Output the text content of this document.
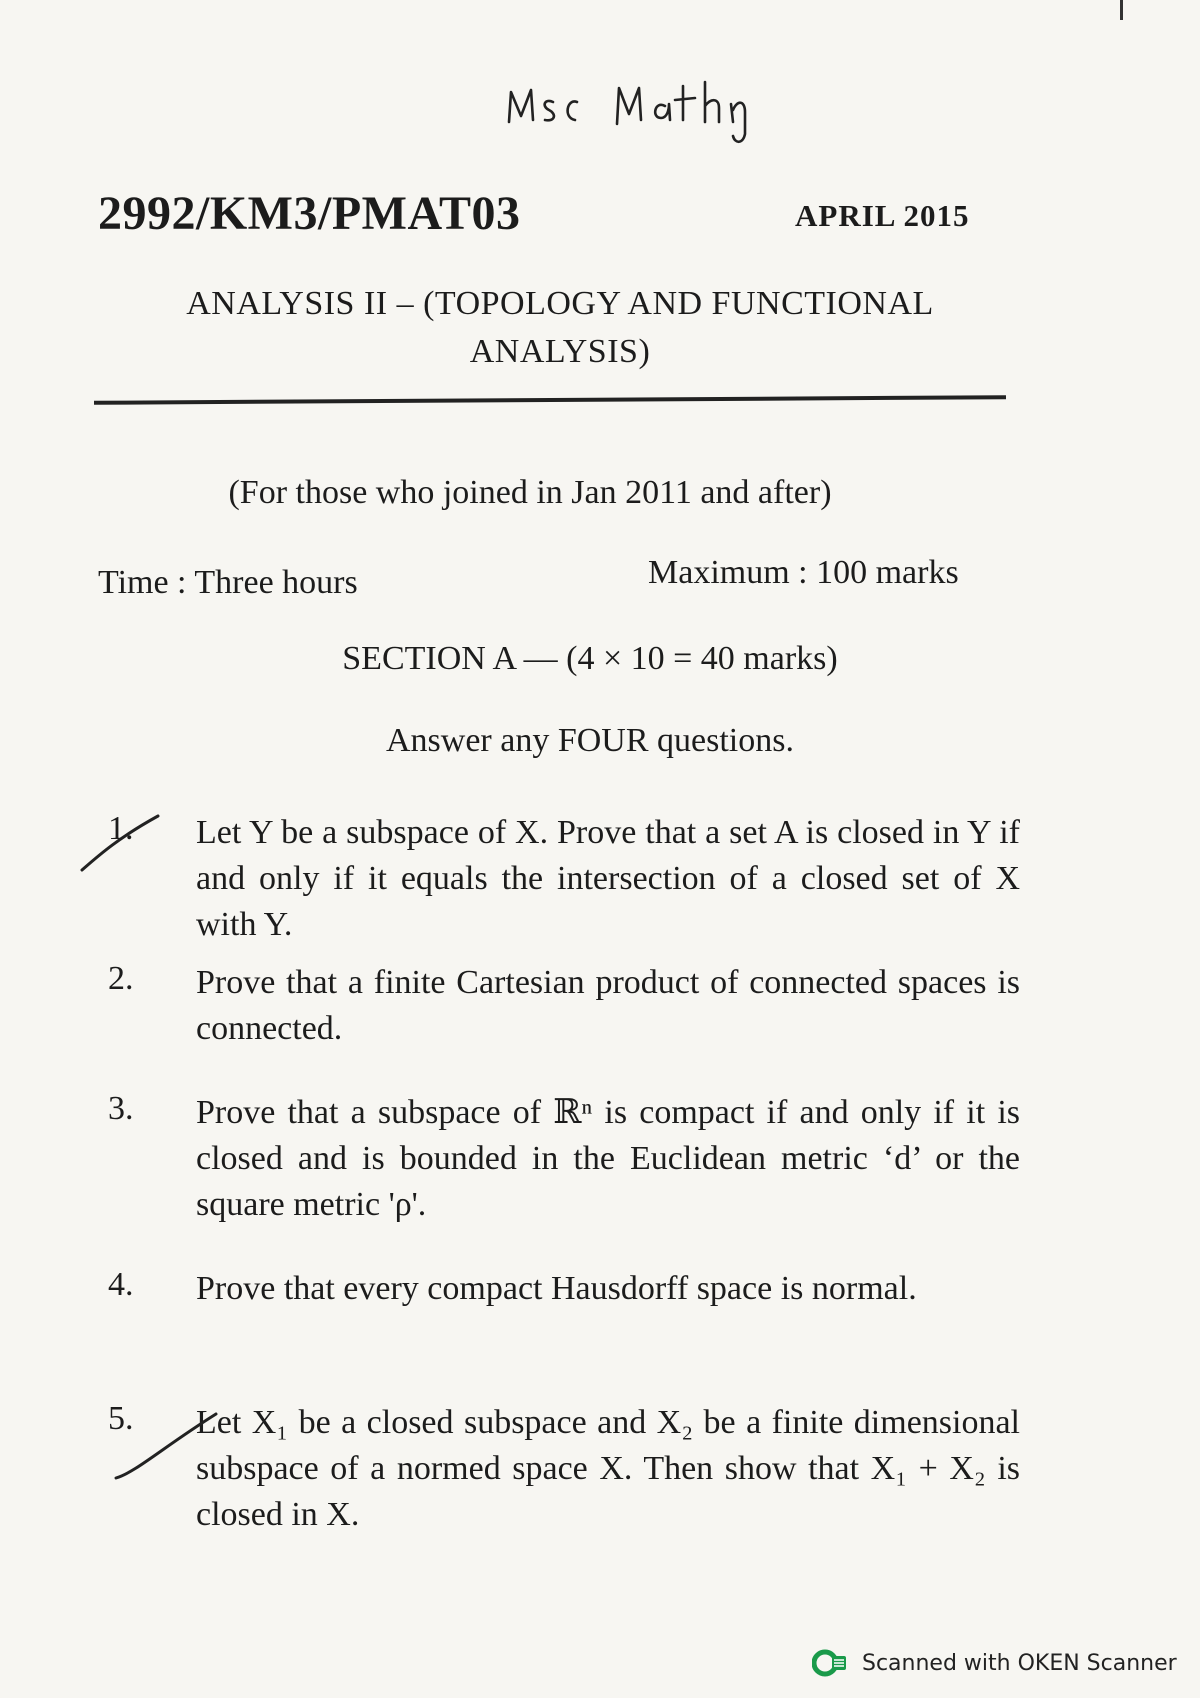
2992/KM3/PMAT03	APRIL 2015
ANALYSIS II – (TOPOLOGY AND FUNCTIONAL ANALYSIS)
(For those who joined in Jan 2011 and after)
Time : Three hours	Maximum : 100 marks
SECTION A — (4 × 10 = 40 marks)
Answer any FOUR questions.
1.	Let Y be a subspace of X. Prove that a set A is closed in Y if and only if it equals the intersection of a closed set of X with Y.
2.	Prove that a finite Cartesian product of connected spaces is connected.
3.	Prove that a subspace of ℝⁿ is compact if and only if it is closed and is bounded in the Euclidean metric ‘d’ or the square metric 'ρ'.
4.	Prove that every compact Hausdorff space is normal.
5.	Let X₁ be a closed subspace and X₂ be a finite dimensional subspace of a normed space X. Then show that X₁ + X₂ is closed in X.
Scanned with OKEN Scanner
